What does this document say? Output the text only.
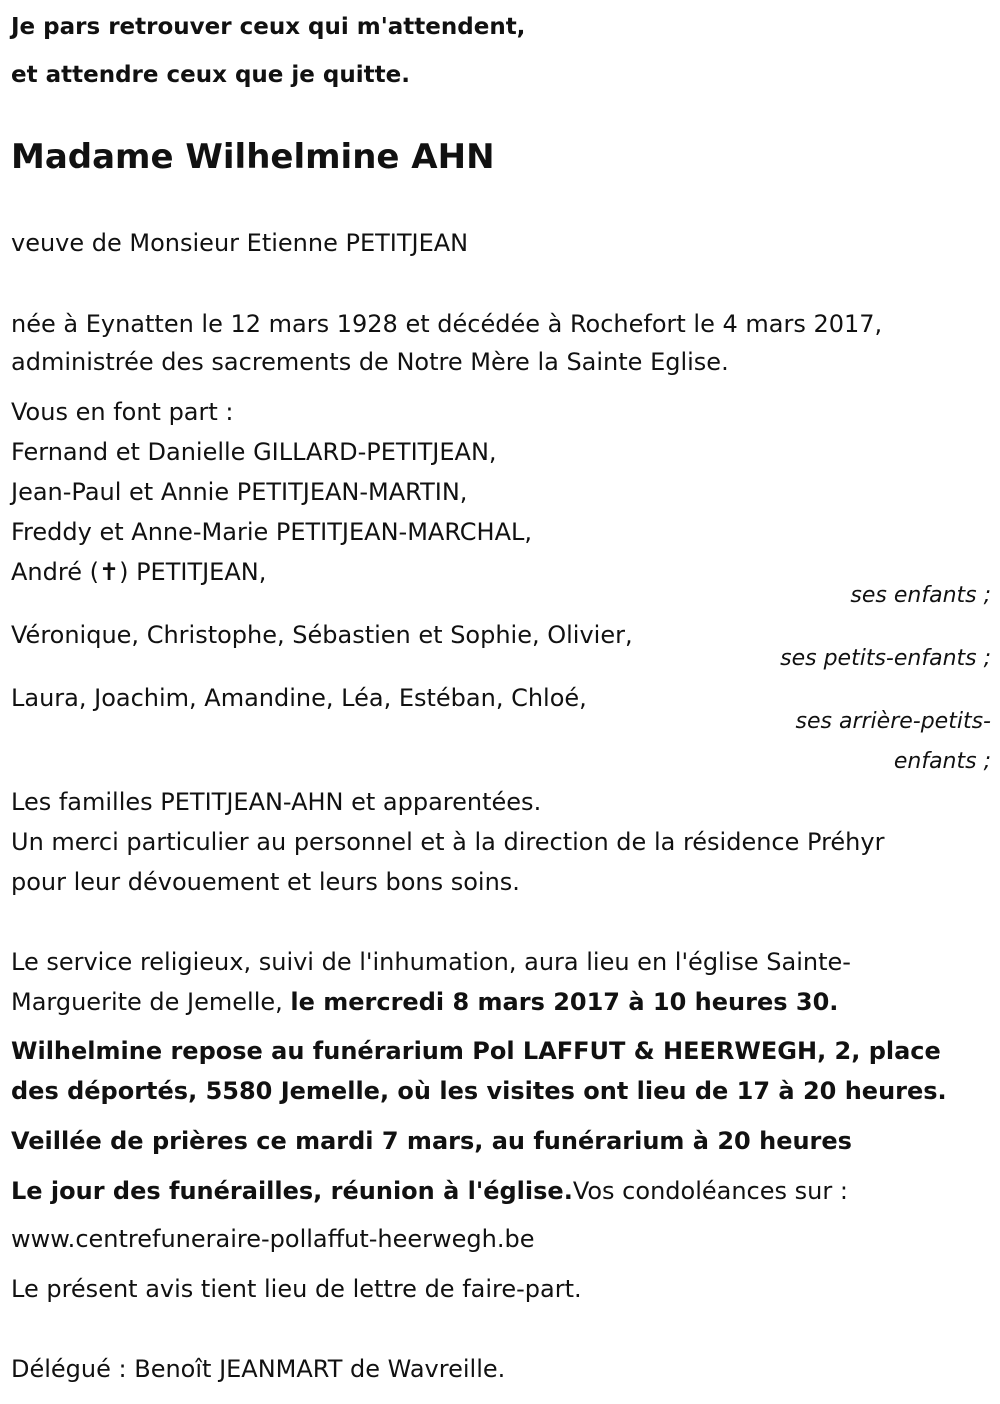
Je pars retrouver ceux qui m'attendent,
et attendre ceux que je quitte.
Madame Wilhelmine AHN
veuve de Monsieur Etienne PETITJEAN
née à Eynatten le 12 mars 1928 et décédée à Rochefort le 4 mars 2017,
administrée des sacrements de Notre Mère la Sainte Eglise.
Vous en font part :
Fernand et Danielle GILLARD-PETITJEAN,
Jean-Paul et Annie PETITJEAN-MARTIN,
Freddy et Anne-Marie PETITJEAN-MARCHAL,
André (✝) PETITJEAN,
ses enfants ;
Véronique, Christophe, Sébastien et Sophie, Olivier,
ses petits-enfants ;
Laura, Joachim, Amandine, Léa, Estéban, Chloé,
ses arrière-petits-
enfants ;
Les familles PETITJEAN-AHN et apparentées.
Un merci particulier au personnel et à la direction de la résidence Préhyr
pour leur dévouement et leurs bons soins.
Le service religieux, suivi de l'inhumation, aura lieu en l'église Sainte-
Marguerite de Jemelle, le mercredi 8 mars 2017 à 10 heures 30.
Wilhelmine repose au funérarium Pol LAFFUT & HEERWEGH, 2, place
des déportés, 5580 Jemelle, où les visites ont lieu de 17 à 20 heures.
Veillée de prières ce mardi 7 mars, au funérarium à 20 heures
Le jour des funérailles, réunion à l'église.Vos condoléances sur :
www.centrefuneraire-pollaffut-heerwegh.be
Le présent avis tient lieu de lettre de faire-part.
Délégué : Benoît JEANMART de Wavreille.
